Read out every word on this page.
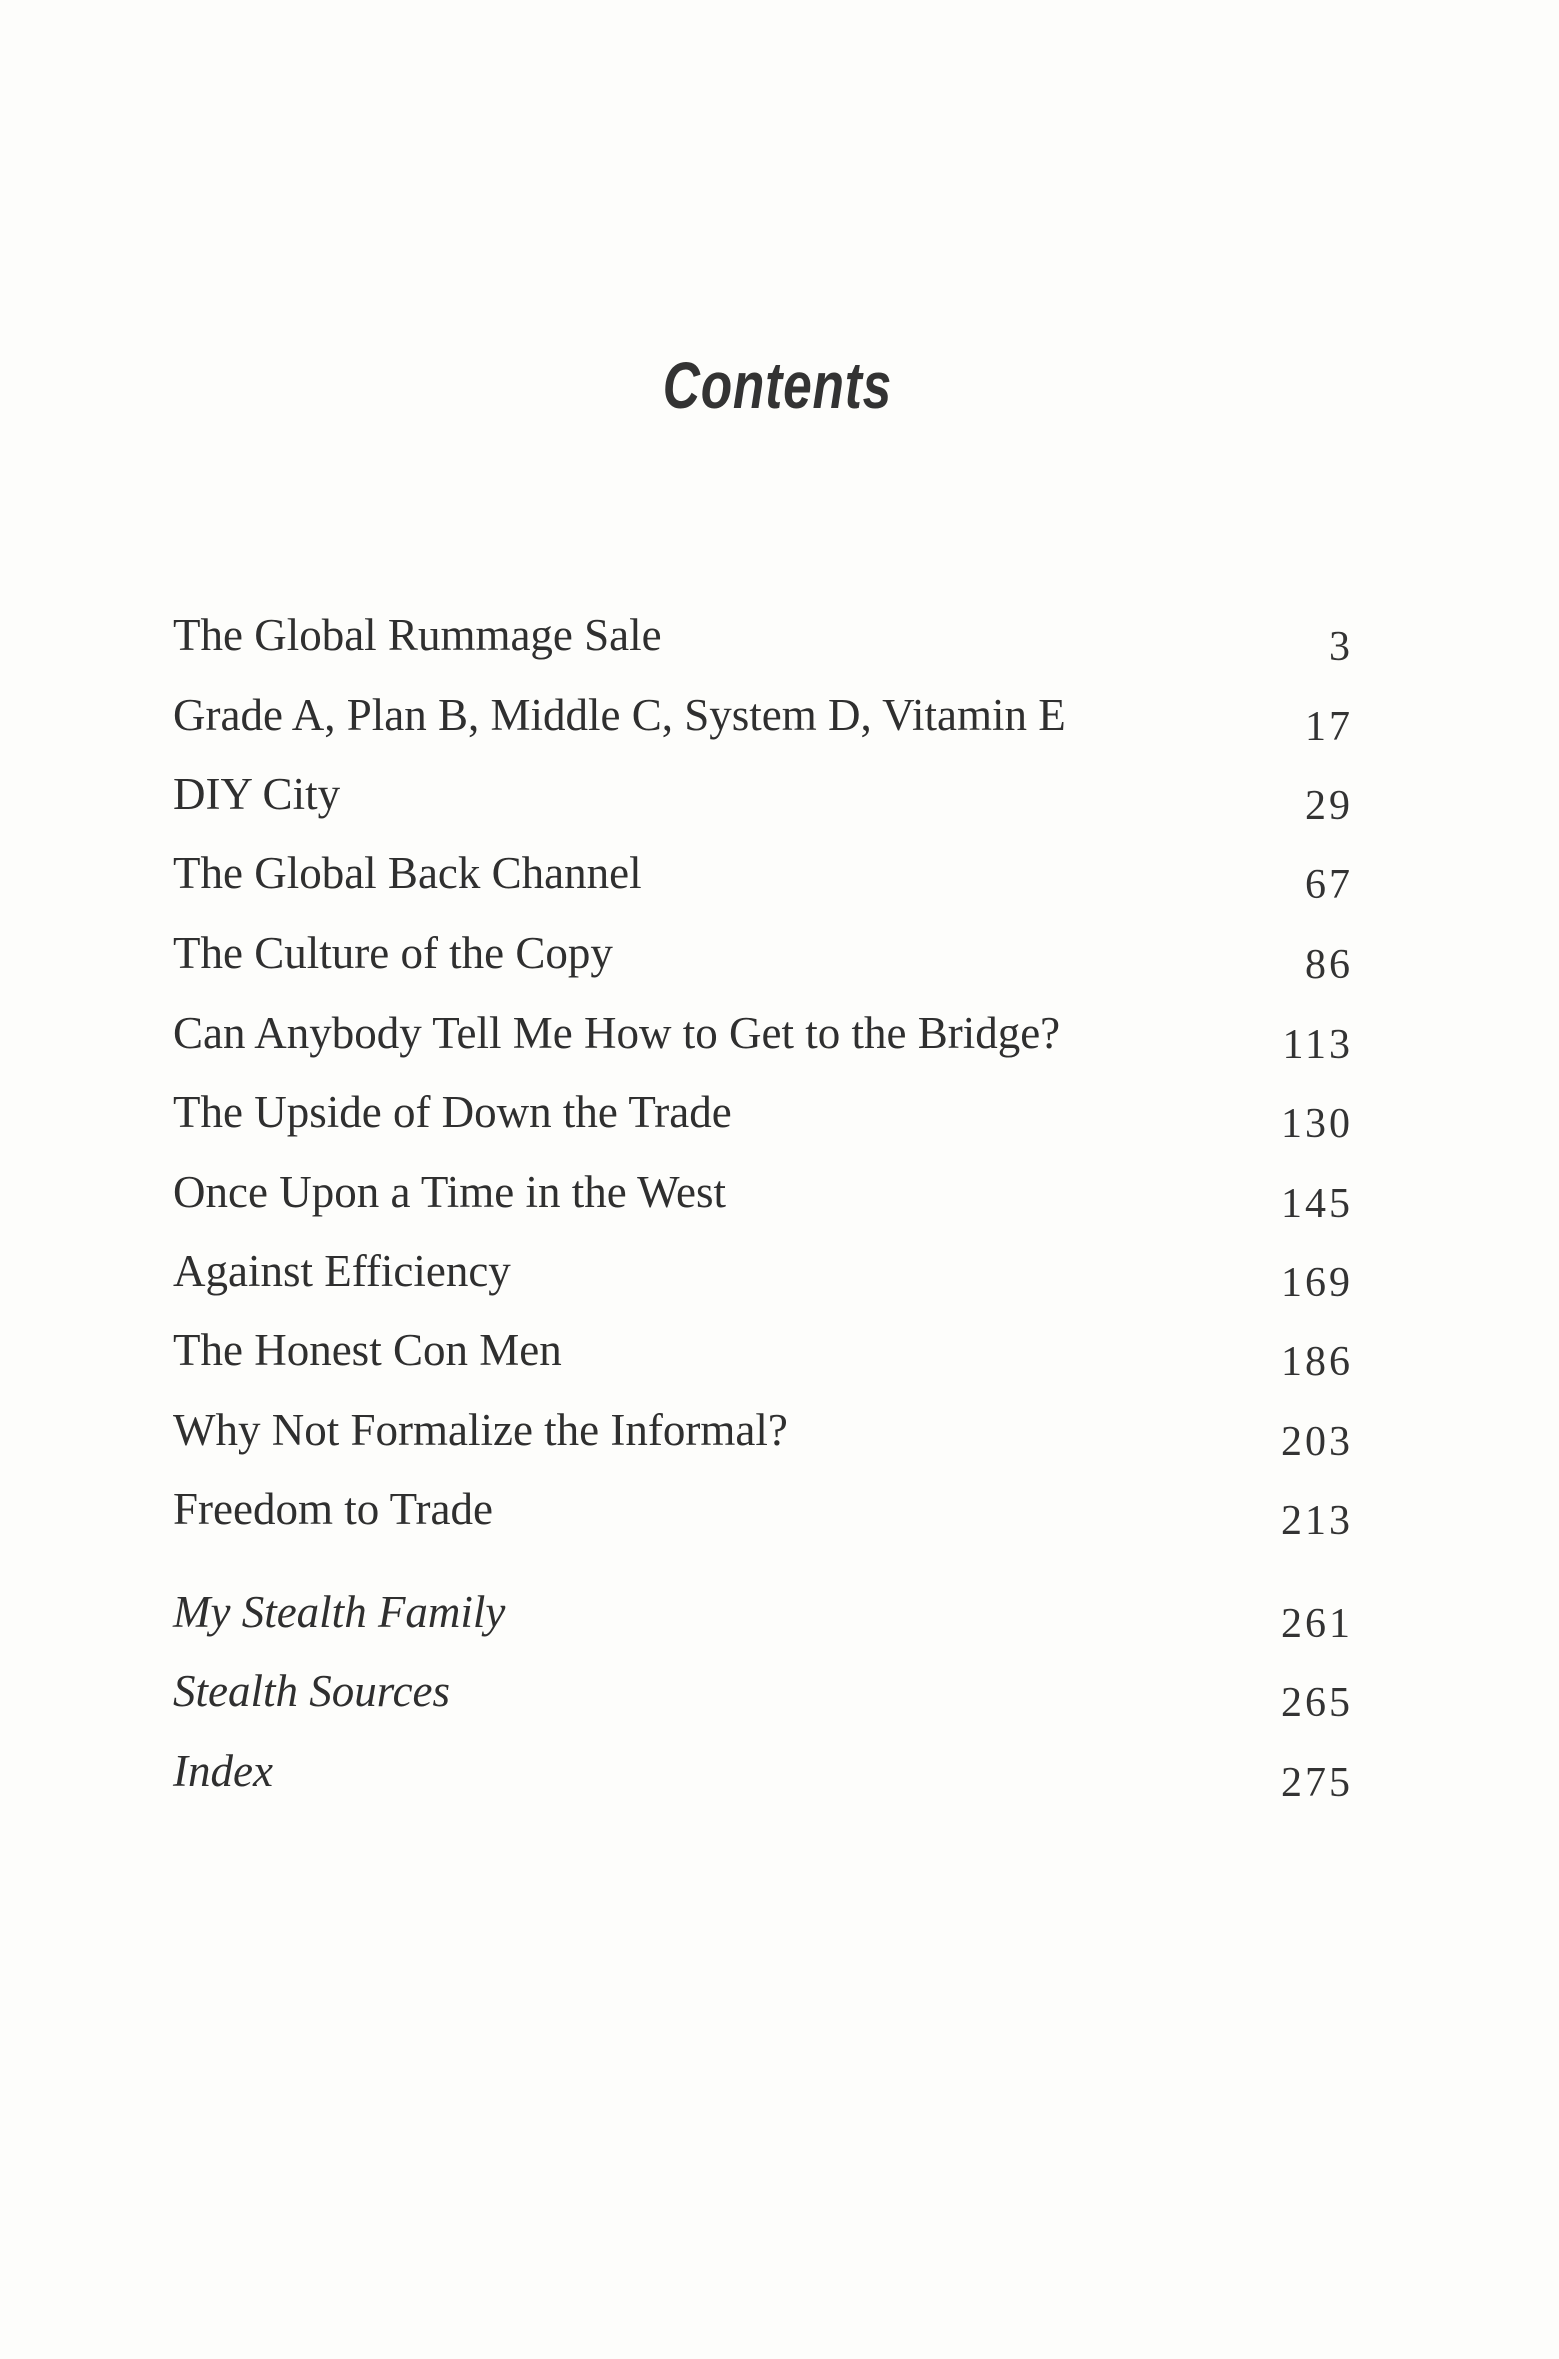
Contents
The Global Rummage Sale	3
Grade A, Plan B, Middle C, System D, Vitamin E	17
DIY City	29
The Global Back Channel	67
The Culture of the Copy	86
Can Anybody Tell Me How to Get to the Bridge?	113
The Upside of Down the Trade	130
Once Upon a Time in the West	145
Against Efficiency	169
The Honest Con Men	186
Why Not Formalize the Informal?	203
Freedom to Trade	213
My Stealth Family	261
Stealth Sources	265
Index	275
